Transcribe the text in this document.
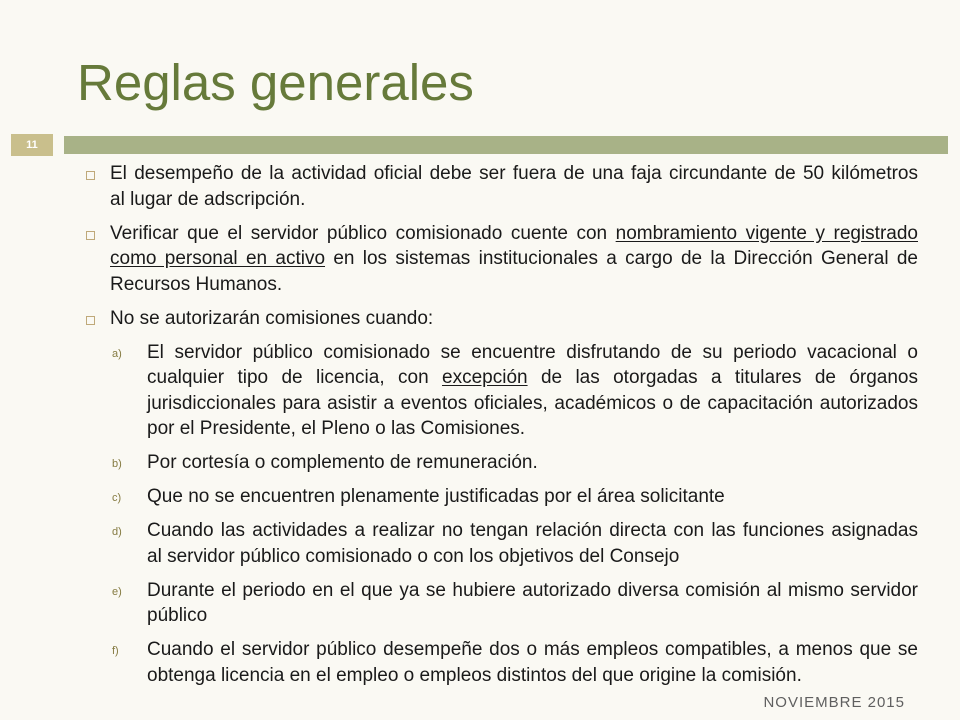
Reglas generales
11
El desempeño de la actividad oficial debe ser fuera de una faja circundante de 50 kilómetros
al lugar de adscripción.
Verificar que el servidor público comisionado cuente con nombramiento vigente y registrado
como personal en activo en los sistemas institucionales a cargo de la Dirección General de
Recursos Humanos.
No se autorizarán comisiones cuando:
a) El servidor público comisionado se encuentre disfrutando de su periodo vacacional o
cualquier tipo de licencia, con excepción de las otorgadas a titulares de órganos
jurisdiccionales para asistir a eventos oficiales, académicos o de capacitación autorizados
por el Presidente, el Pleno o las Comisiones.
b) Por cortesía o complemento de remuneración.
c) Que no se encuentren plenamente justificadas por el área solicitante
d) Cuando las actividades a realizar no tengan relación directa con las funciones asignadas
al servidor público comisionado o con los objetivos del Consejo
e) Durante el periodo en el que ya se hubiere autorizado diversa comisión al mismo servidor
público
f) Cuando el servidor público desempeñe dos o más empleos compatibles, a menos que se
obtenga licencia en el empleo o empleos distintos del que origine la comisión.
NOVIEMBRE 2015
